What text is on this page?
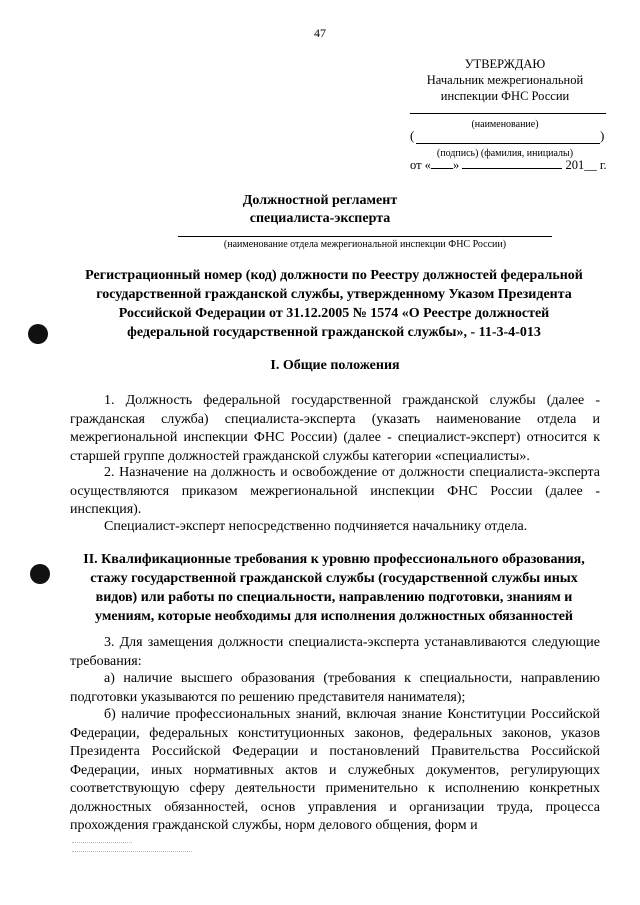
47
УТВЕРЖДАЮ
Начальник межрегиональной
инспекции ФНС России
(наименование)
(	)
(подпись) (фамилия, инициалы)
от « »	201__ г.
Должностной регламент
специалиста-эксперта
(наименование отдела межрегиональной инспекции ФНС России)
Регистрационный номер (код) должности по Реестру должностей федеральной
государственной гражданской службы, утвержденному Указом Президента
Российской Федерации от 31.12.2005 № 1574 «О Реестре должностей
федеральной государственной гражданской службы», - 11-3-4-013
I. Общие положения
1. Должность федеральной государственной гражданской службы (далее - гражданская служба) специалиста-эксперта (указать наименование отдела и межрегиональной инспекции ФНС России) (далее - специалист-эксперт) относится к старшей группе должностей гражданской службы категории «специалисты».
2. Назначение на должность и освобождение от должности специалиста-эксперта осуществляются приказом межрегиональной инспекции ФНС России (далее - инспекция).
Специалист-эксперт непосредственно подчиняется начальнику отдела.
II. Квалификационные требования к уровню профессионального образования,
стажу государственной гражданской службы (государственной службы иных
видов) или работы по специальности, направлению подготовки, знаниям и
умениям, которые необходимы для исполнения должностных обязанностей
3. Для замещения должности специалиста-эксперта устанавливаются следующие требования:
а) наличие высшего образования (требования к специальности, направлению подготовки указываются по решению представителя нанимателя);
б) наличие профессиональных знаний, включая знание Конституции Российской Федерации, федеральных конституционных законов, федеральных законов, указов Президента Российской Федерации и постановлений Правительства Российской Федерации, иных нормативных актов и служебных документов, регулирующих соответствующую сферу деятельности применительно к исполнению конкретных должностных обязанностей, основ управления и организации труда, процесса прохождения гражданской службы, норм делового общения, форм и
